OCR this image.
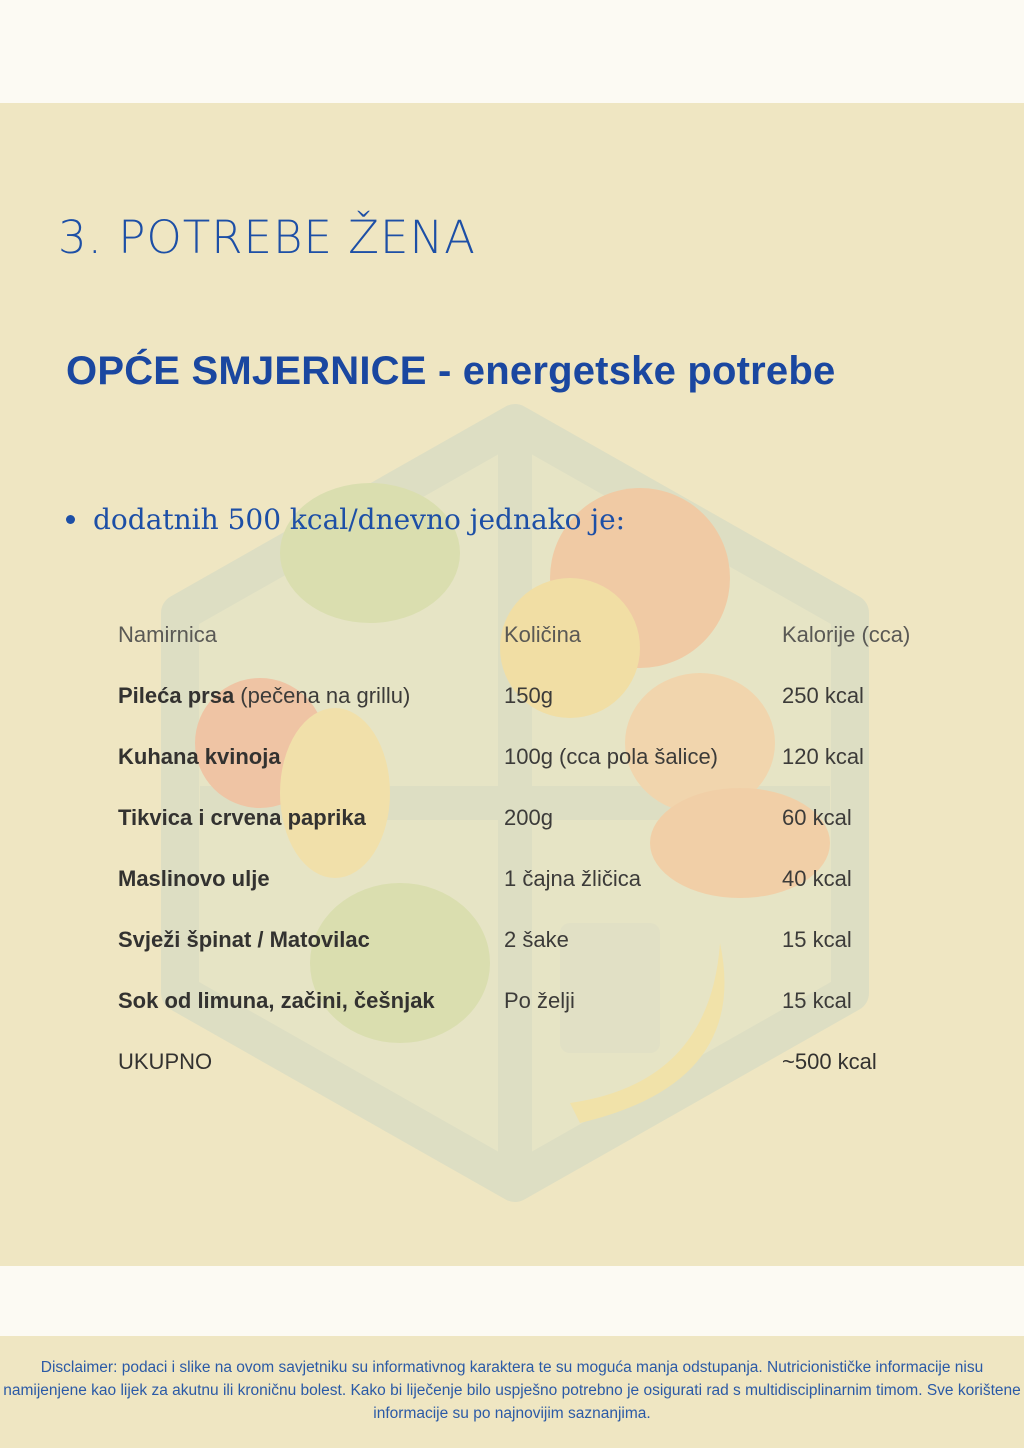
3. POTREBE ŽENA
OPĆE SMJERNICE - energetske potrebe
dodatnih 500 kcal/dnevno jednako je:
Namirnica	Količina	Kalorije (cca)
Pileća prsa (pečena na grillu)	150g	250 kcal
Kuhana kvinoja	100g (cca pola šalice)	120 kcal
Tikvica i crvena paprika	200g	60 kcal
Maslinovo ulje	1 čajna žličica	40 kcal
Svježi špinat / Matovilac	2 šake	15 kcal
Sok od limuna, začini, češnjak	Po želji	15 kcal
UKUPNO		~500 kcal
Disclaimer: podaci i slike na ovom savjetniku su informativnog karaktera te su moguća manja odstupanja. Nutricionističke informacije nisu namijenjene kao lijek za akutnu ili kroničnu bolest. Kako bi liječenje bilo uspješno potrebno je osigurati rad s multidisciplinarnim timom. Sve korištene informacije su po najnovijim saznanjima.
